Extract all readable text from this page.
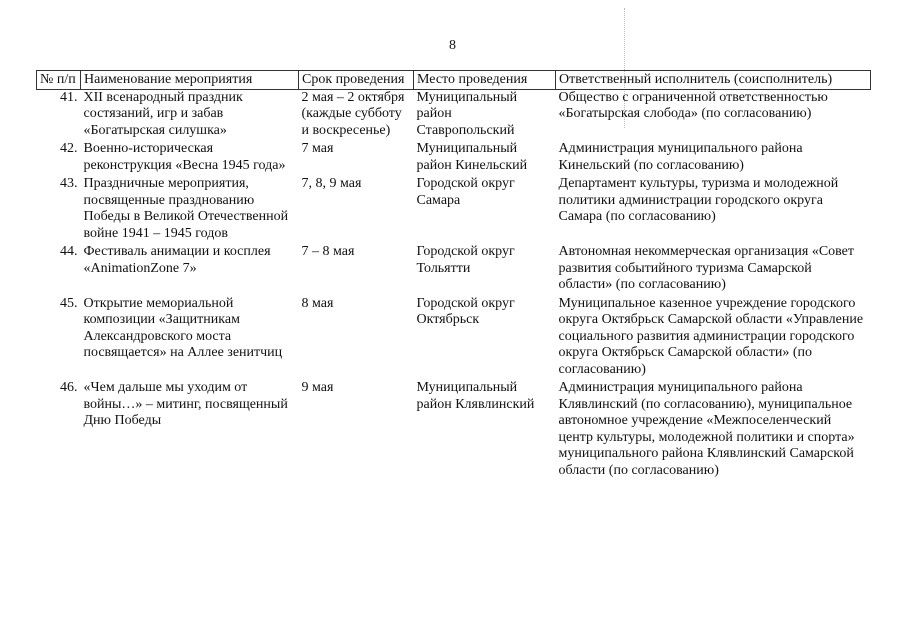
8
№ п/п	Наименование мероприятия	Срок проведения	Место проведения	Ответственный исполнитель (соисполнитель)
41.	XII всенародный праздник состязаний, игр и забав «Богатырская силушка»	2 мая – 2 октября (каждые субботу и воскресенье)	Муниципальный район Ставропольский	Общество с ограниченной ответственностью «Богатырская слобода» (по согласованию)
42.	Военно-историческая реконструкция «Весна 1945 года»	7 мая	Муниципальный район Кинельский	Администрация муниципального района Кинельский (по согласованию)
43.	Праздничные мероприятия, посвященные празднованию Победы в Великой Отечественной войне 1941 – 1945 годов	7, 8, 9 мая	Городской округ Самара	Департамент культуры, туризма и молодежной политики администрации городского округа Самара (по согласованию)
44.	Фестиваль анимации и косплея «AnimationZone 7»	7 – 8 мая	Городской округ Тольятти	Автономная некоммерческая организация «Совет развития событийного туризма Самарской области» (по согласованию)
45.	Открытие мемориальной композиции «Защитникам Александровского моста посвящается» на Аллее зенитчиц	8 мая	Городской округ Октябрьск	Муниципальное казенное учреждение городского округа Октябрьск Самарской области «Управление социального развития администрации городского округа Октябрьск Самарской области» (по согласованию)
46.	«Чем дальше мы уходим от войны…» – митинг, посвященный Дню Победы	9 мая	Муниципальный район Клявлинский	Администрация муниципального района Клявлинский (по согласованию), муниципальное автономное учреждение «Межпоселенческий центр культуры, молодежной политики и спорта» муниципального района Клявлинский Самарской области (по согласованию)
